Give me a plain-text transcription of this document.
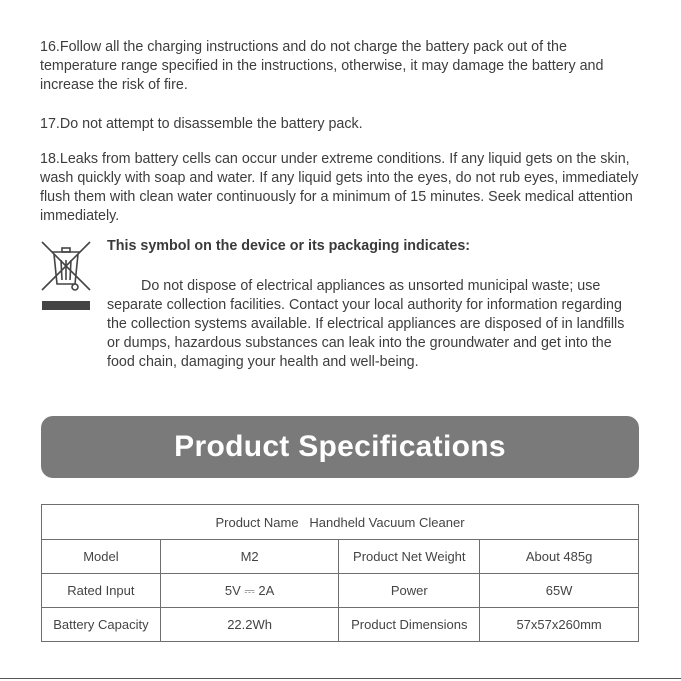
16.Follow all the charging instructions and do not charge the battery pack out of the temperature range specified in the instructions, otherwise, it may damage the battery and increase the risk of fire.
17.Do not attempt to disassemble the battery pack.
18.Leaks from battery cells can occur under extreme conditions. If any liquid gets on the skin, wash quickly with soap and water. If any liquid gets into the eyes, do not rub eyes, immediately flush them with clean water continuously for a minimum of 15 minutes. Seek medical attention immediately.
This symbol on the device or its packaging indicates:
Do not dispose of electrical appliances as unsorted municipal waste; use separate collection facilities. Contact your local authority for information regarding the collection systems available. If electrical appliances are disposed of in landfills or dumps, hazardous substances can leak into the groundwater and get into the food chain, damaging your health and well-being.
Product Specifications
Product Name   Handheld Vacuum Cleaner			
Model	M2	Product Net Weight	About 485g
Rated Input	5V ⎓ 2A	Power	65W
Battery Capacity	22.2Wh	Product Dimensions	57x57x260mm
